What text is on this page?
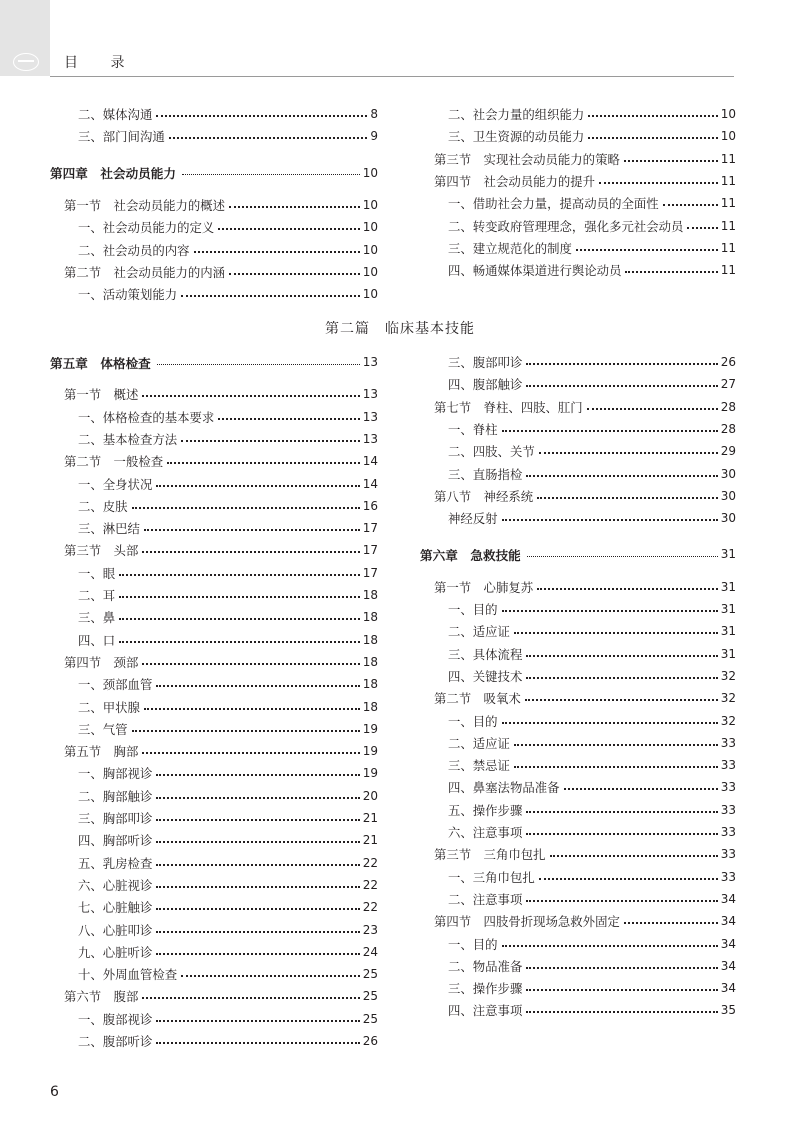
目 录
二、媒体沟通	8
三、部门间沟通	9
第四章　社会动员能力	10
第一节　社会动员能力的概述	10
一、社会动员能力的定义	10
二、社会动员的内容	10
第二节　社会动员能力的内涵	10
一、活动策划能力	10
二、社会力量的组织能力	10
三、卫生资源的动员能力	10
第三节　实现社会动员能力的策略	11
第四节　社会动员能力的提升	11
一、借助社会力量，提高动员的全面性	11
二、转变政府管理理念，强化多元社会动员	11
三、建立规范化的制度	11
四、畅通媒体渠道进行舆论动员	11
第二篇　临床基本技能
第五章　体格检查	13
第一节　概述	13
一、体格检查的基本要求	13
二、基本检查方法	13
第二节　一般检查	14
一、全身状况	14
二、皮肤	16
三、淋巴结	17
第三节　头部	17
一、眼	17
二、耳	18
三、鼻	18
四、口	18
第四节　颈部	18
一、颈部血管	18
二、甲状腺	18
三、气管	19
第五节　胸部	19
一、胸部视诊	19
二、胸部触诊	20
三、胸部叩诊	21
四、胸部听诊	21
五、乳房检查	22
六、心脏视诊	22
七、心脏触诊	22
八、心脏叩诊	23
九、心脏听诊	24
十、外周血管检查	25
第六节　腹部	25
一、腹部视诊	25
二、腹部听诊	26
三、腹部叩诊	26
四、腹部触诊	27
第七节　脊柱、四肢、肛门	28
一、脊柱	28
二、四肢、关节	29
三、直肠指检	30
第八节　神经系统	30
神经反射	30
第六章　急救技能	31
第一节　心肺复苏	31
一、目的	31
二、适应证	31
三、具体流程	31
四、关键技术	32
第二节　吸氧术	32
一、目的	32
二、适应证	33
三、禁忌证	33
四、鼻塞法物品准备	33
五、操作步骤	33
六、注意事项	33
第三节　三角巾包扎	33
一、三角巾包扎	33
二、注意事项	34
第四节　四肢骨折现场急救外固定	34
一、目的	34
二、物品准备	34
三、操作步骤	34
四、注意事项	35
6
